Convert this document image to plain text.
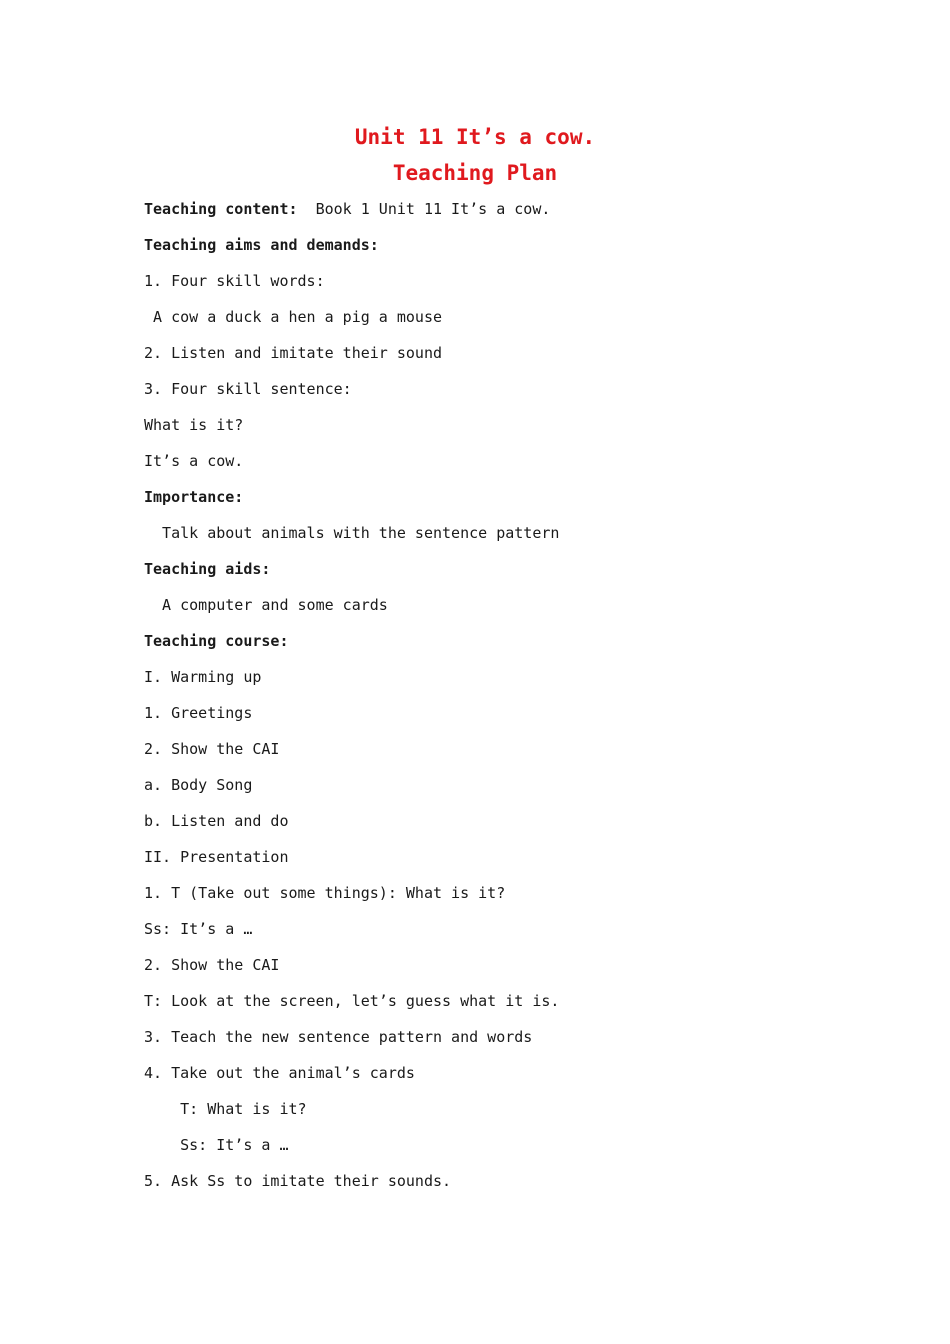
Unit 11 It’s a cow.
Teaching Plan
Teaching content:  Book 1 Unit 11 It’s a cow.
Teaching aims and demands:
1. Four skill words:
A cow a duck a hen a pig a mouse
2. Listen and imitate their sound
3. Four skill sentence:
What is it?
It’s a cow.
Importance:
Talk about animals with the sentence pattern
Teaching aids:
A computer and some cards
Teaching course:
I. Warming up
1. Greetings
2. Show the CAI
a. Body Song
b. Listen and do
II. Presentation
1. T (Take out some things): What is it?
Ss: It’s a …
2. Show the CAI
T: Look at the screen, let’s guess what it is.
3. Teach the new sentence pattern and words
4. Take out the animal’s cards
T: What is it?
Ss: It’s a …
5. Ask Ss to imitate their sounds.
